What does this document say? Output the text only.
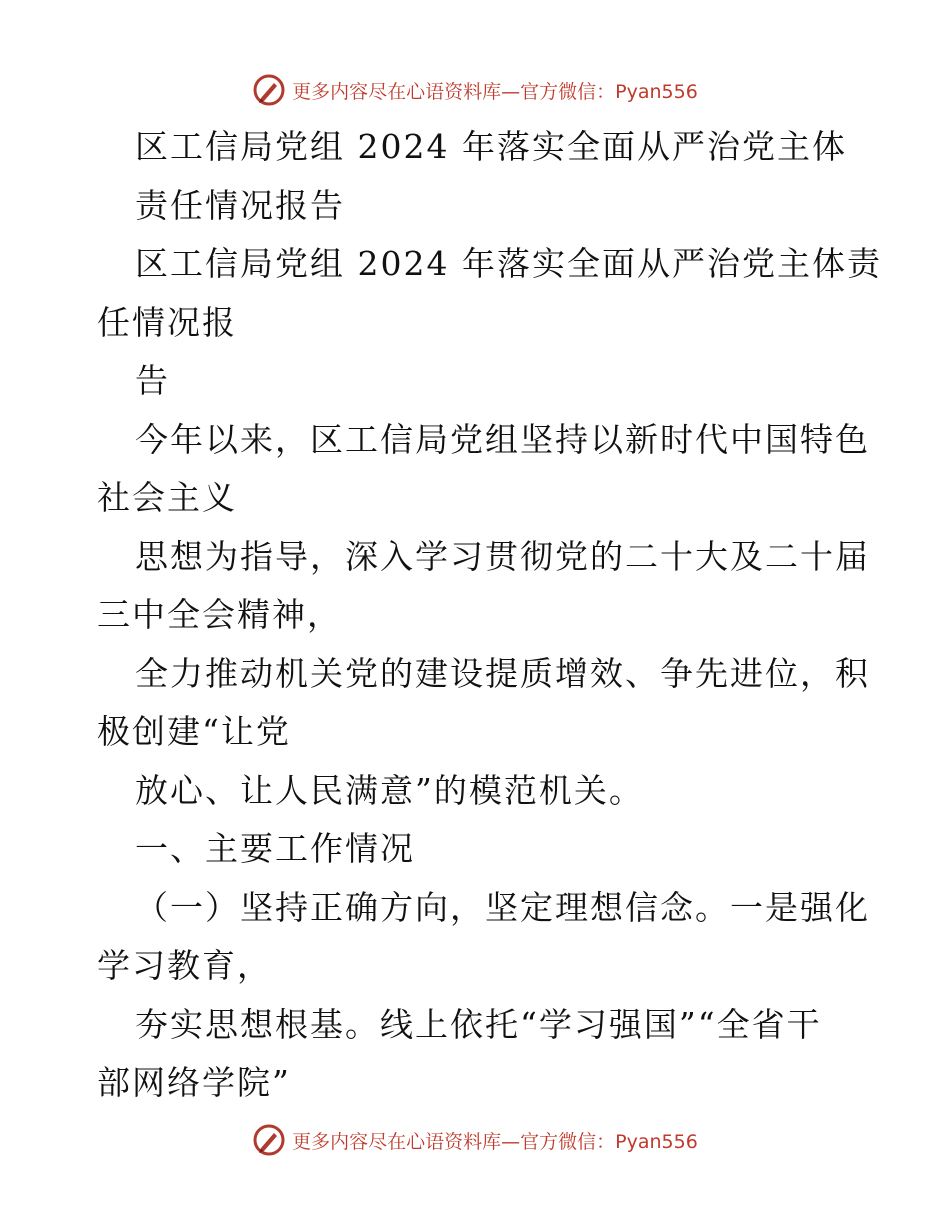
更多内容尽在心语资料库—官方微信：Pyan556

区工信局党组 2024 年落实全面从严治党主体

责任情况报告

区工信局党组 2024 年落实全面从严治党主体责

任情况报

告

今年以来，区工信局党组坚持以新时代中国特色

社会主义

思想为指导，深入学习贯彻党的二十大及二十届

三中全会精神，

全力推动机关党的建设提质增效、争先进位，积

极创建“让党

放心、让人民满意”的模范机关。

一、主要工作情况

（一）坚持正确方向，坚定理想信念。一是强化

学习教育，

夯实思想根基。线上依托“学习强国”“全省干

部网络学院”

更多内容尽在心语资料库—官方微信：Pyan556
